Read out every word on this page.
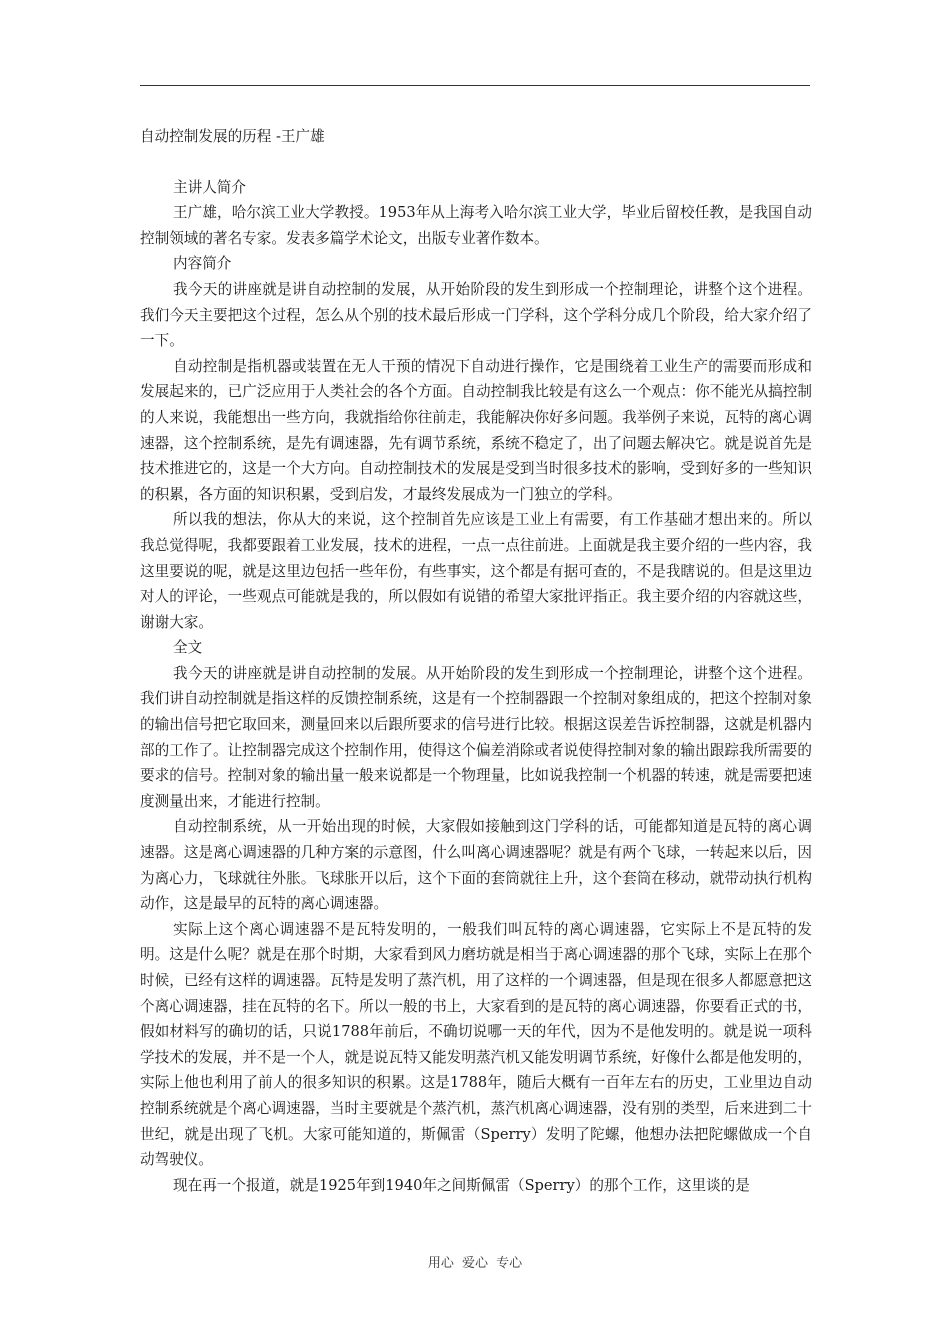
自动控制发展的历程 -王广雄

主讲人简介

王广雄，哈尔滨工业大学教授。1953年从上海考入哈尔滨工业大学，毕业后留校任教，是我国自动控制领域的著名专家。发表多篇学术论文，出版专业著作数本。

内容简介

我今天的讲座就是讲自动控制的发展，从开始阶段的发生到形成一个控制理论，讲整个这个进程。我们今天主要把这个过程，怎么从个别的技术最后形成一门学科，这个学科分成几个阶段，给大家介绍了一下。

自动控制是指机器或装置在无人干预的情况下自动进行操作，它是围绕着工业生产的需要而形成和发展起来的，已广泛应用于人类社会的各个方面。自动控制我比较是有这么一个观点：你不能光从搞控制的人来说，我能想出一些方向，我就指给你往前走，我能解决你好多问题。我举例子来说，瓦特的离心调速器，这个控制系统，是先有调速器，先有调节系统，系统不稳定了，出了问题去解决它。就是说首先是技术推进它的，这是一个大方向。自动控制技术的发展是受到当时很多技术的影响，受到好多的一些知识的积累，各方面的知识积累，受到启发，才最终发展成为一门独立的学科。

所以我的想法，你从大的来说，这个控制首先应该是工业上有需要，有工作基础才想出来的。所以我总觉得呢，我都要跟着工业发展，技术的进程，一点一点往前进。上面就是我主要介绍的一些内容，我这里要说的呢，就是这里边包括一些年份，有些事实，这个都是有据可查的，不是我瞎说的。但是这里边对人的评论，一些观点可能就是我的，所以假如有说错的希望大家批评指正。我主要介绍的内容就这些，谢谢大家。

全文

我今天的讲座就是讲自动控制的发展。从开始阶段的发生到形成一个控制理论，讲整个这个进程。我们讲自动控制就是指这样的反馈控制系统，这是有一个控制器跟一个控制对象组成的，把这个控制对象的输出信号把它取回来，测量回来以后跟所要求的信号进行比较。根据这误差告诉控制器，这就是机器内部的工作了。让控制器完成这个控制作用，使得这个偏差消除或者说使得控制对象的输出跟踪我所需要的要求的信号。控制对象的输出量一般来说都是一个物理量，比如说我控制一个机器的转速，就是需要把速度测量出来，才能进行控制。

自动控制系统，从一开始出现的时候，大家假如接触到这门学科的话，可能都知道是瓦特的离心调速器。这是离心调速器的几种方案的示意图，什么叫离心调速器呢？就是有两个飞球，一转起来以后，因为离心力，飞球就往外胀。飞球胀开以后，这个下面的套筒就往上升，这个套筒在移动，就带动执行机构动作，这是最早的瓦特的离心调速器。

实际上这个离心调速器不是瓦特发明的，一般我们叫瓦特的离心调速器，它实际上不是瓦特的发明。这是什么呢？就是在那个时期，大家看到风力磨坊就是相当于离心调速器的那个飞球，实际上在那个时候，已经有这样的调速器。瓦特是发明了蒸汽机，用了这样的一个调速器，但是现在很多人都愿意把这个离心调速器，挂在瓦特的名下。所以一般的书上，大家看到的是瓦特的离心调速器，你要看正式的书，假如材料写的确切的话，只说1788年前后，不确切说哪一天的年代，因为不是他发明的。就是说一项科学技术的发展，并不是一个人，就是说瓦特又能发明蒸汽机又能发明调节系统，好像什么都是他发明的，实际上他也利用了前人的很多知识的积累。这是1788年，随后大概有一百年左右的历史，工业里边自动控制系统就是个离心调速器，当时主要就是个蒸汽机，蒸汽机离心调速器，没有别的类型，后来进到二十世纪，就是出现了飞机。大家可能知道的，斯佩雷（Sperry）发明了陀螺，他想办法把陀螺做成一个自动驾驶仪。

现在再一个报道，就是1925年到1940年之间斯佩雷（Sperry）的那个工作，这里谈的是

用心 爱心 专心
